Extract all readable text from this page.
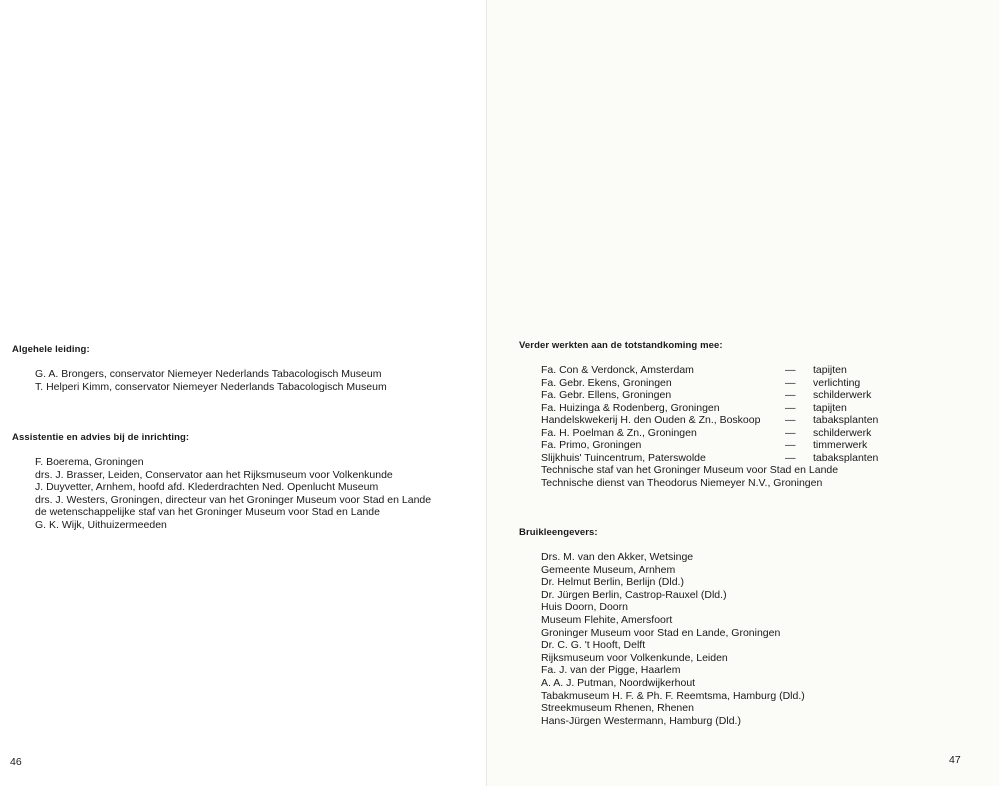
Algehele leiding:
G. A. Brongers, conservator Niemeyer Nederlands Tabacologisch Museum
T. Helperi Kimm, conservator Niemeyer Nederlands Tabacologisch Museum
Assistentie en advies bij de inrichting:
F. Boerema, Groningen
drs. J. Brasser, Leiden, Conservator aan het Rijksmuseum voor Volkenkunde
J. Duyvetter, Arnhem, hoofd afd. Klederdrachten Ned. Openlucht Museum
drs. J. Westers, Groningen, directeur van het Groninger Museum voor Stad en Lande
de wetenschappelijke staf van het Groninger Museum voor Stad en Lande
G. K. Wijk, Uithuizermeeden
46
Verder werkten aan de totstandkoming mee:
Fa. Con & Verdonck, Amsterdam	— tapijten
Fa. Gebr. Ekens, Groningen	— verlichting
Fa. Gebr. Ellens, Groningen	— schilderwerk
Fa. Huizinga & Rodenberg, Groningen	— tapijten
Handelskwekerij H. den Ouden & Zn., Boskoop — tabaksplanten
Fa. H. Poelman & Zn., Groningen	— schilderwerk
Fa. Primo, Groningen	— timmerwerk
Slijkhuis' Tuincentrum, Paterswolde	— tabaksplanten
Technische staf van het Groninger Museum voor Stad en Lande
Technische dienst van Theodorus Niemeyer N.V., Groningen
Bruikleengevers:
Drs. M. van den Akker, Wetsinge
Gemeente Museum, Arnhem
Dr. Helmut Berlin, Berlijn (Dld.)
Dr. Jürgen Berlin, Castrop-Rauxel (Dld.)
Huis Doorn, Doorn
Museum Flehite, Amersfoort
Groninger Museum voor Stad en Lande, Groningen
Dr. C. G. 't Hooft, Delft
Rijksmuseum voor Volkenkunde, Leiden
Fa. J. van der Pigge, Haarlem
A. A. J. Putman, Noordwijkerhout
Tabakmuseum H. F. & Ph. F. Reemtsma, Hamburg (Dld.)
Streekmuseum Rhenen, Rhenen
Hans-Jürgen Westermann, Hamburg (Dld.)
47
